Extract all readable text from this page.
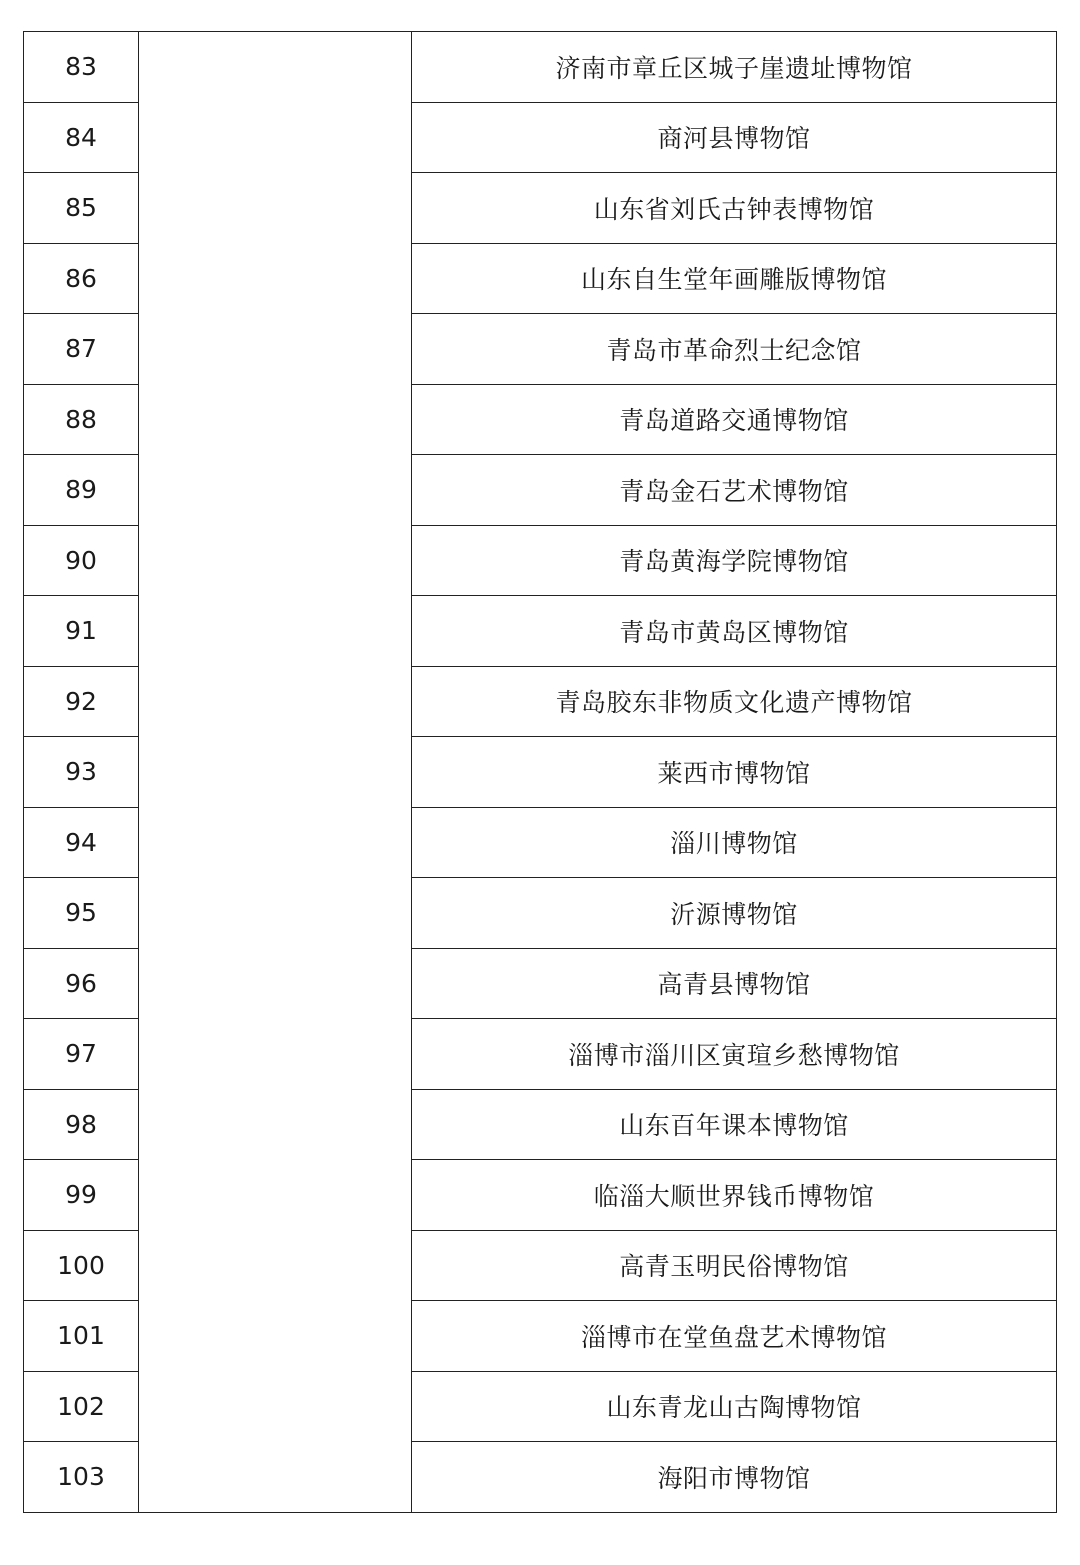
83		济南市章丘区城子崖遗址博物馆
84		商河县博物馆
85		山东省刘氏古钟表博物馆
86		山东自生堂年画雕版博物馆
87		青岛市革命烈士纪念馆
88		青岛道路交通博物馆
89		青岛金石艺术博物馆
90		青岛黄海学院博物馆
91		青岛市黄岛区博物馆
92		青岛胶东非物质文化遗产博物馆
93		莱西市博物馆
94		淄川博物馆
95		沂源博物馆
96		高青县博物馆
97		淄博市淄川区寅瑄乡愁博物馆
98		山东百年课本博物馆
99		临淄大顺世界钱币博物馆
100		高青玉明民俗博物馆
101		淄博市在堂鱼盘艺术博物馆
102		山东青龙山古陶博物馆
103		海阳市博物馆
